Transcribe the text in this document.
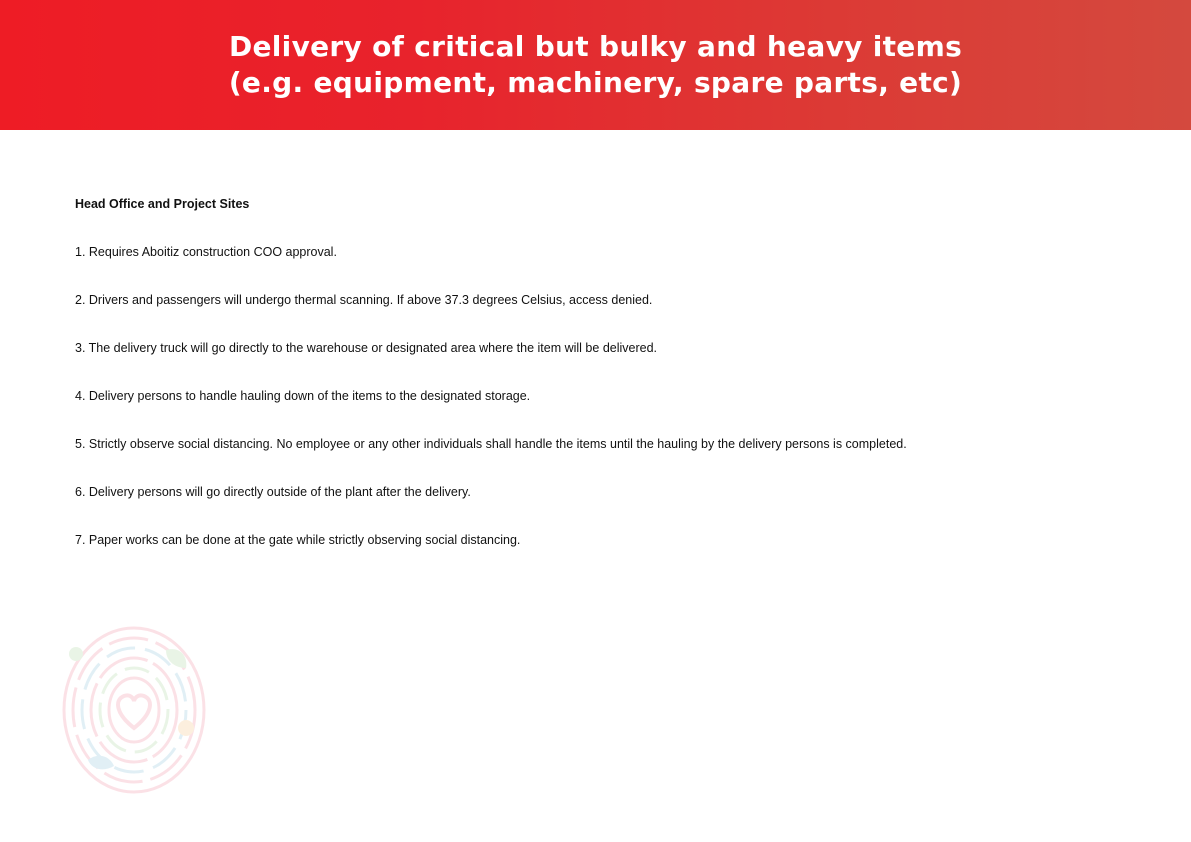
Delivery of critical but bulky and heavy items
(e.g. equipment, machinery, spare parts, etc)
Head Office and Project Sites
1. Requires Aboitiz construction COO approval.
2. Drivers and passengers will undergo thermal scanning. If above 37.3 degrees Celsius, access denied.
3. The delivery truck will go directly to the warehouse or designated area where the item will be delivered.
4. Delivery persons to handle hauling down of the items to the designated storage.
5. Strictly observe social distancing. No employee or any other individuals shall handle the items until the hauling by the delivery persons is completed.
6. Delivery persons will go directly outside of the plant after the delivery.
7. Paper works can be done at the gate while strictly observing social distancing.
